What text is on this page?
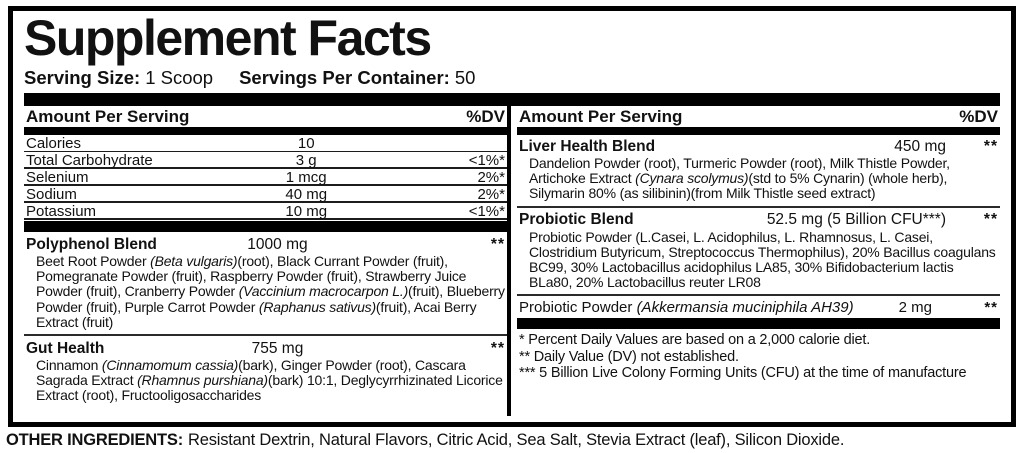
Supplement Facts
Serving Size: 1 Scoop Servings Per Container: 50
Amount Per Serving	%DV
Calories	10
Total Carbohydrate	3 g	<1%*
Selenium	1 mcg	2%*
Sodium	40 mg	2%*
Potassium	10 mg	<1%*
Polyphenol Blend	1000 mg	**
Beet Root Powder (Beta vulgaris)(root), Black Currant Powder (fruit), Pomegranate Powder (fruit), Raspberry Powder (fruit), Strawberry Juice Powder (fruit), Cranberry Powder (Vaccinium macrocarpon L.)(fruit), Blueberry Powder (fruit), Purple Carrot Powder (Raphanus sativus)(fruit), Acai Berry Extract (fruit)
Gut Health	755 mg	**
Cinnamon (Cinnamomum cassia)(bark), Ginger Powder (root), Cascara Sagrada Extract (Rhamnus purshiana)(bark) 10:1, Deglycyrrhizinated Licorice Extract (root), Fructooligosaccharides
Amount Per Serving	%DV
Liver Health Blend	450 mg	**
Dandelion Powder (root), Turmeric Powder (root), Milk Thistle Powder, Artichoke Extract (Cynara scolymus)(std to 5% Cynarin) (whole herb), Silymarin 80% (as silibinin)(from Milk Thistle seed extract)
Probiotic Blend	52.5 mg (5 Billion CFU***)	**
Probiotic Powder (L.Casei, L. Acidophilus, L. Rhamnosus, L. Casei, Clostridium Butyricum, Streptococcus Thermophilus), 20% Bacillus coagulans BC99, 30% Lactobacillus acidophilus LA85, 30% Bifidobacterium lactis BLa80, 20% Lactobacillus reuter LR08
Probiotic Powder (Akkermansia muciniphila AH39)	2 mg	**
* Percent Daily Values are based on a 2,000 calorie diet.
** Daily Value (DV) not established.
*** 5 Billion Live Colony Forming Units (CFU) at the time of manufacture
OTHER INGREDIENTS: Resistant Dextrin, Natural Flavors, Citric Acid, Sea Salt, Stevia Extract (leaf), Silicon Dioxide.
